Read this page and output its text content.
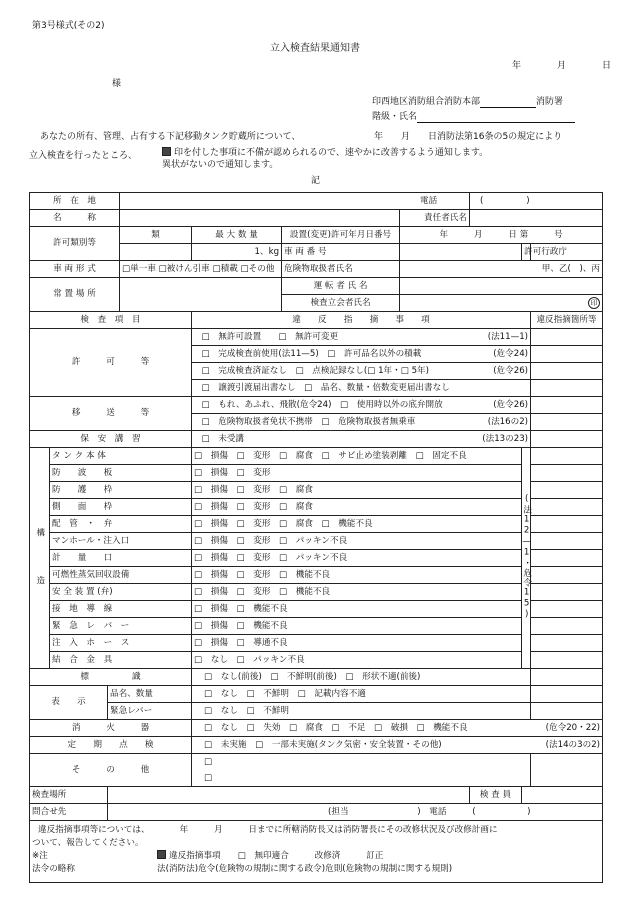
第3号様式(その2)
立入検査結果通知書
年　　月　　日
様
印西地区消防組合消防本部	消防署
階級・氏名
あなたの所有、管理、占有する下記移動タンク貯蔵所について、	年　　月　　日消防法第16条の5の規定により
立入検査を行ったところ、	印を付した事項に不備が認められるので、速やかに改善するよう通知します。
異状がないので通知します。
記
所　在　地								電話 (　　　　　)		
名　　　称							責任者氏名			
許可類別等			類	最 大 数 量		設置(変更)許可年月日番号	年　　　月　　　日 第　　　号			
				1、kg		車 両 番 号			許可行政庁	
車 両 形 式			□単一車 □被けん引車 □積載 □その他			危険物取扱者氏名	甲、乙(　)、丙			
常 置 場 所						運 転 者 氏 名				
						検査立会者氏名	印			
検　査　項　目				違　　反　　指　　摘　　事　　項						違反指摘箇所等
許　　　可　　　等					□　無許可設置　　□　無許可変更			(法11—1)		
					□　完成検査前使用(法11—5)　□　許可品名以外の積載			(危令24)		
					□　完成検査済証なし　□　点検記録なし(□ 1年・□ 5年)			(危令26)		
					□　譲渡引渡届出書なし　□　品名、数量・倍数変更届出書なし					
移　　　送　　　等					□　もれ、あふれ、飛散(危令24)　□　使用時以外の底弁開放			(危令26)		
					□　危険物取扱者免状不携帯　□　危険物取扱者無乗車			(法16の2)		
保　安　講　習					□　未受講			(法13の23)		
構　　　　造	タ ン ク 本 体			□　損傷　□　変形　□　腐食　□　サビ止め塗装剥離　□　固定不良					(法12—1・危令15)	
	防　　波　　板			□　損傷　□　変形						
	防　　護　　枠			□　損傷　□　変形　□　腐食						
	側　　面　　枠			□　損傷　□　変形　□　腐食						
	配　管　・　弁			□　損傷　□　変形　□　腐食　□　機能不良						
	マンホール・注入口			□　損傷　□　変形　□　パッキン不良						
	計　　量　　口			□　損傷　□　変形　□　パッキン不良						
	可燃性蒸気回収設備			□　損傷　□　変形　□　機能不良						
	安 全 装 置 (弁)			□　損傷　□　変形　□　機能不良						
	接　地　導　線			□　損傷　□　機能不良						
	緊　急　レ　バ　ー			□　損傷　□　機能不良						
	注　入　ホ　ー　ス			□　損傷　□　導通不良						
	結　合　金　具			□　なし　□　パッキン不良						
標　　　　　識				□　なし(前後)　□　不鮮明(前後)　□　形状不適(前後)						
表　　示		品名、数量		□　なし　□　不鮮明　□　記載内容不適						
		緊急レバー		□　なし　□　不鮮明						
消　　　火　　　器				□　なし　□　失効　□　腐食　□　不足　□　破損　□　機能不良					(危令20・22)	
定　　期　　点　　検				□　未実施　□　一部未実施(タンク気密・安全装置・その他)					(法14の3の2)	
そ　　　の　　　他				□						
				□						
検査場所								検 査 員		
問合せ先		(担当　　　　　　　　)　電話　　　(　　　　　　)								

違反指摘事項等については、　　　　年　　　月　　　日までに所轄消防長又は消防署長にその改修状況及び改修計画に
ついて、報告してください。
※注 違反指摘事項　　□　無印適合　　　改修済　　　訂正
法令の略称 法(消防法)危令(危険物の規制に関する政令)危則(危険物の規制に関する規則)										
